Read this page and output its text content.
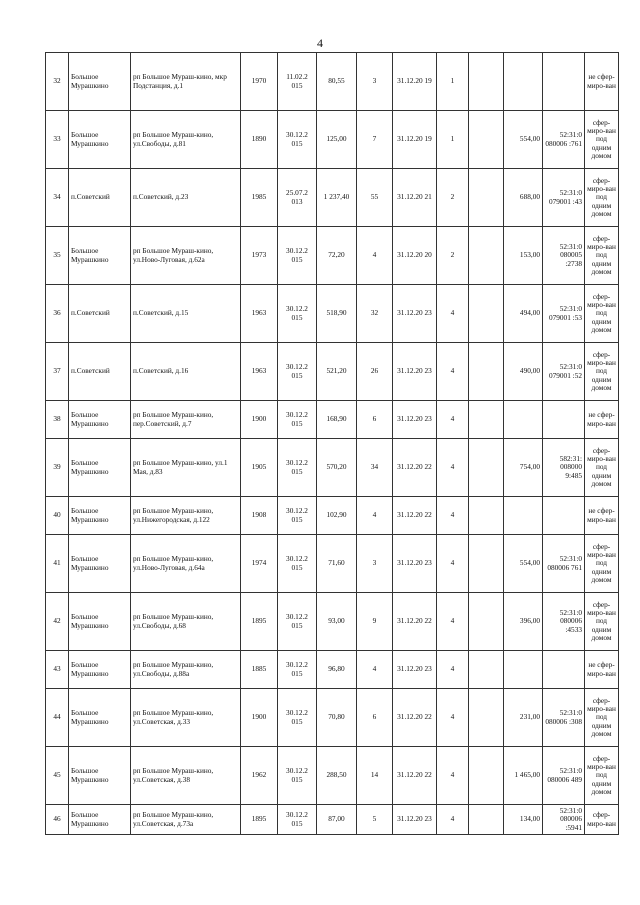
4
32	Большое Мурашкино	рп Большое Мураш-кино, мкр Подстанция, д.1	1970	11.02.2 015	80,55	3	31.12.20 19	1				не сфер-миро-ван
33	Большое Мурашкино	рп Большое Мураш-кино, ул.Свободы, д.81	1890	30.12.2 015	125,00	7	31.12.20 19	1		554,00	52:31:0 080006 :761	сфер-миро-ван под одним домом
34	п.Советский	п.Советский, д.23	1985	25.07.2 013	1 237,40	55	31.12.20 21	2		688,00	52:31:0 079001 :43	сфер-миро-ван под одним домом
35	Большое Мурашкино	рп Большое Мураш-кино, ул.Ново-Луговая, д.62а	1973	30.12.2 015	72,20	4	31.12.20 20	2		153,00	52:31:0 080005 :2738	сфер-миро-ван под одним домом
36	п.Советский	п.Советский, д.15	1963	30.12.2 015	518,90	32	31.12.20 23	4		494,00	52:31:0 079001 :53	сфер-миро-ван под одним домом
37	п.Советский	п.Советский, д.16	1963	30.12.2 015	521,20	26	31.12.20 23	4		490,00	52:31:0 079001 :52	сфер-миро-ван под одним домом
38	Большое Мурашкино	рп Большое Мураш-кино, пер.Советский, д.7	1900	30.12.2 015	168,90	6	31.12.20 23	4				не сфер-миро-ван
39	Большое Мурашкино	рп Большое Мураш-кино, ул.1 Мая, д.83	1905	30.12.2 015	570,20	34	31.12.20 22	4		754,00	582:31: 008000 9:485	сфер-миро-ван под одним домом
40	Большое Мурашкино	рп Большое Мураш-кино, ул.Нижегородская, д.122	1908	30.12.2 015	102,90	4	31.12.20 22	4				не сфер-миро-ван
41	Большое Мурашкино	рп Большое Мураш-кино, ул.Ново-Луговая, д.64а	1974	30.12.2 015	71,60	3	31.12.20 23	4		554,00	52:31:0 080006 761	сфер-миро-ван под одним домом
42	Большое Мурашкино	рп Большое Мураш-кино, ул.Свободы, д.68	1895	30.12.2 015	93,00	9	31.12.20 22	4		396,00	52:31:0 080006 :4533	сфер-миро-ван под одним домом
43	Большое Мурашкино	рп Большое Мураш-кино, ул.Свободы, д.88а	1885	30.12.2 015	96,80	4	31.12.20 23	4				не сфер-миро-ван
44	Большое Мурашкино	рп Большое Мураш-кино, ул.Советская, д.33	1900	30.12.2 015	70,80	6	31.12.20 22	4		231,00	52:31:0 080006 :308	сфер-миро-ван под одним домом
45	Большое Мурашкино	рп Большое Мураш-кино, ул.Советская, д.38	1962	30.12.2 015	288,50	14	31.12.20 22	4		1 465,00	52:31:0 080006 489	сфер-миро-ван под одним домом
46	Большое Мурашкино	рп Большое Мураш-кино, ул.Советская, д.73а	1895	30.12.2 015	87,00	5	31.12.20 23	4		134,00	52:31:0 080006 :5941	сфер-миро-ван
